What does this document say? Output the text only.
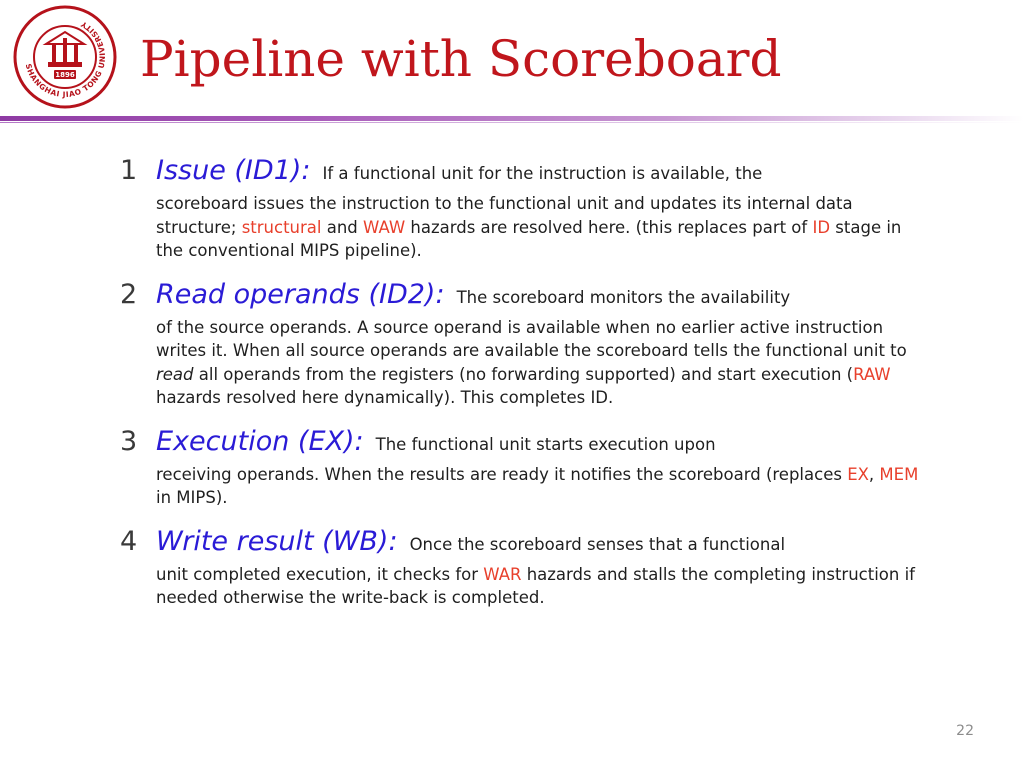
SHANGHAI JIAO TONG UNIVERSITY
1896 Pipeline with Scoreboard
1 Issue (ID1): If a functional unit for the instruction is available, the

scoreboard issues the instruction to the functional unit and updates its internal data structure; structural and WAW hazards are resolved here. (this replaces part of ID stage in the conventional MIPS pipeline).

2 Read operands (ID2): The scoreboard monitors the availability

of the source operands. A source operand is available when no earlier active instruction writes it. When all source operands are available the scoreboard tells the functional unit to read all operands from the registers (no forwarding supported) and start execution (RAW hazards resolved here dynamically). This completes ID.

3 Execution (EX): The functional unit starts execution upon

receiving operands. When the results are ready it notifies the scoreboard (replaces EX, MEM in MIPS).

4 Write result (WB): Once the scoreboard senses that a functional

unit completed execution, it checks for WAR hazards and stalls the completing instruction if needed otherwise the write-back is completed.

22
